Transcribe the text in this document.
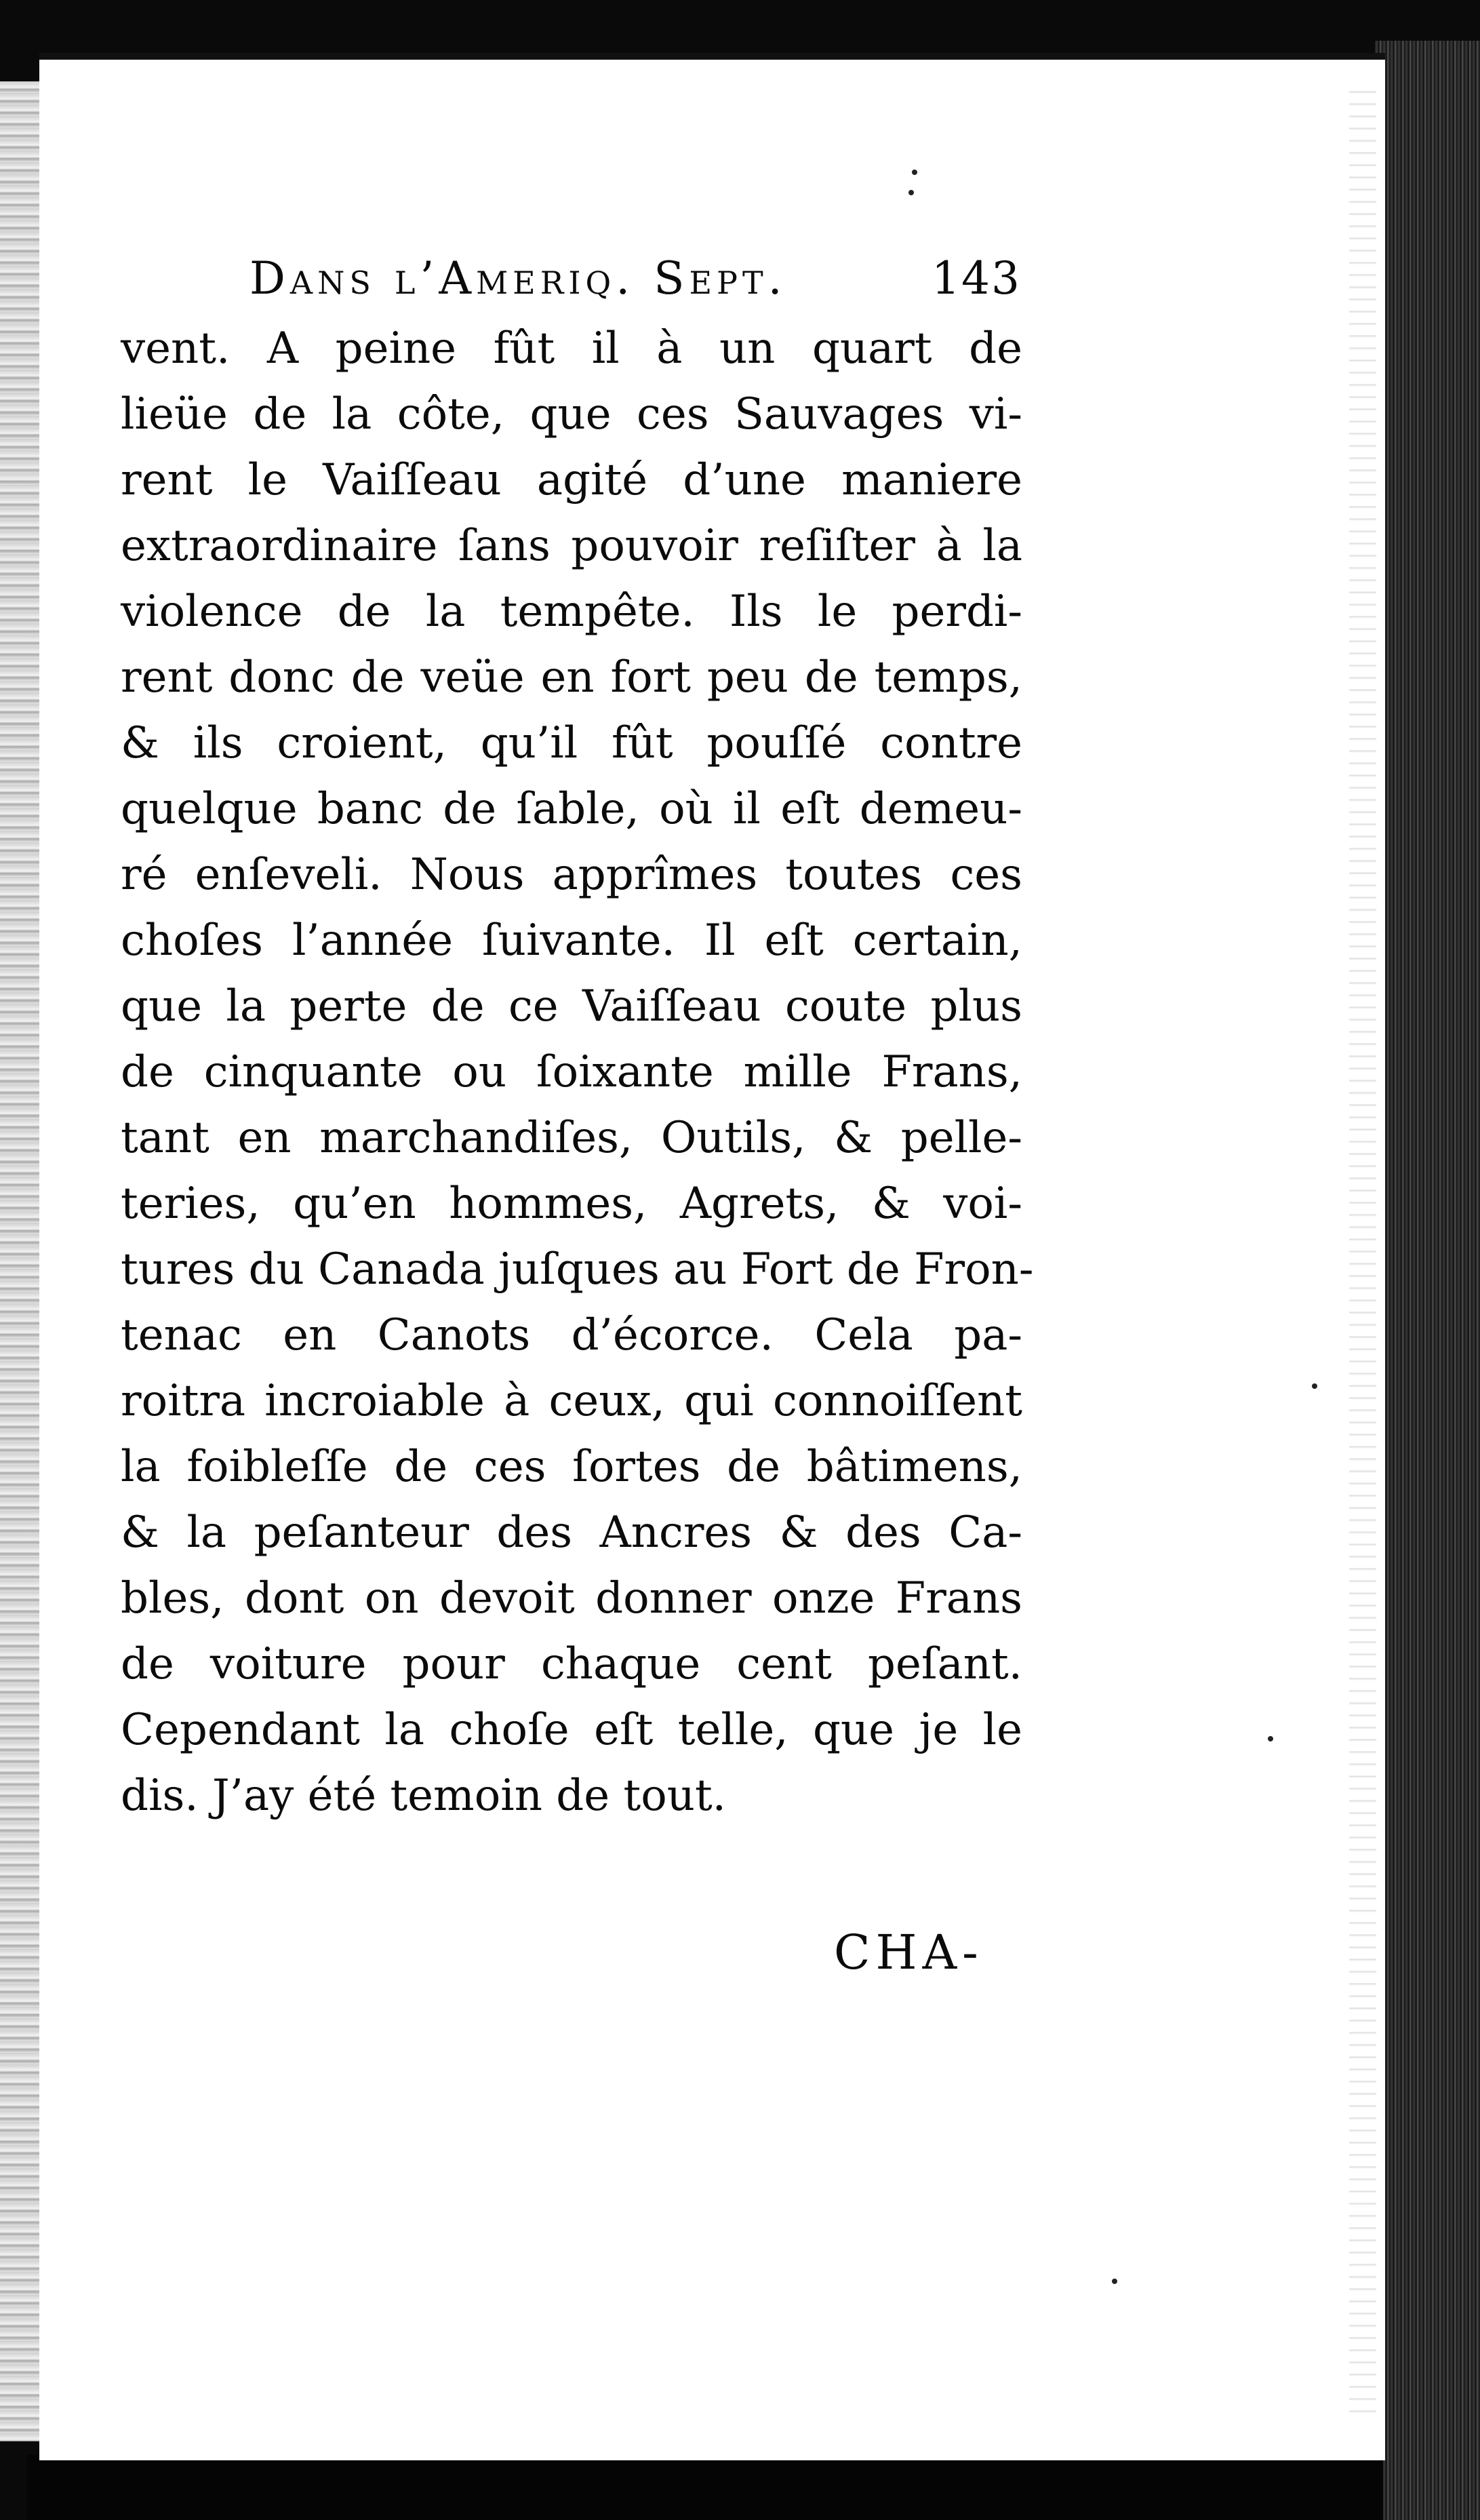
Dans l’Ameriq. Sept.	143
vent. A peine fût il à un quart de
lieüe de la côte, que ces Sauvages vi-
rent le Vaiſſeau agité d’une maniere
extraordinaire ſans pouvoir reſiſter à la
violence de la tempête. Ils le perdi-
rent donc de veüe en fort peu de temps,
& ils croient, qu’il fût pouſſé contre
quelque banc de ſable, où il eſt demeu-
ré enſeveli. Nous apprîmes toutes ces
choſes l’année ſuivante. Il eſt certain,
que la perte de ce Vaiſſeau coute plus
de cinquante ou ſoixante mille Frans,
tant en marchandiſes, Outils, & pelle-
teries, qu’en hommes, Agrets, & voi-
tures du Canada juſques au Fort de Fron-
tenac en Canots d’écorce. Cela pa-
roitra incroiable à ceux, qui connoiſſent
la foibleſſe de ces ſortes de bâtimens,
& la peſanteur des Ancres & des Ca-
bles, dont on devoit donner onze Frans
de voiture pour chaque cent peſant.
Cependant la choſe eſt telle, que je le
dis. J’ay été temoin de tout.
CHA-
